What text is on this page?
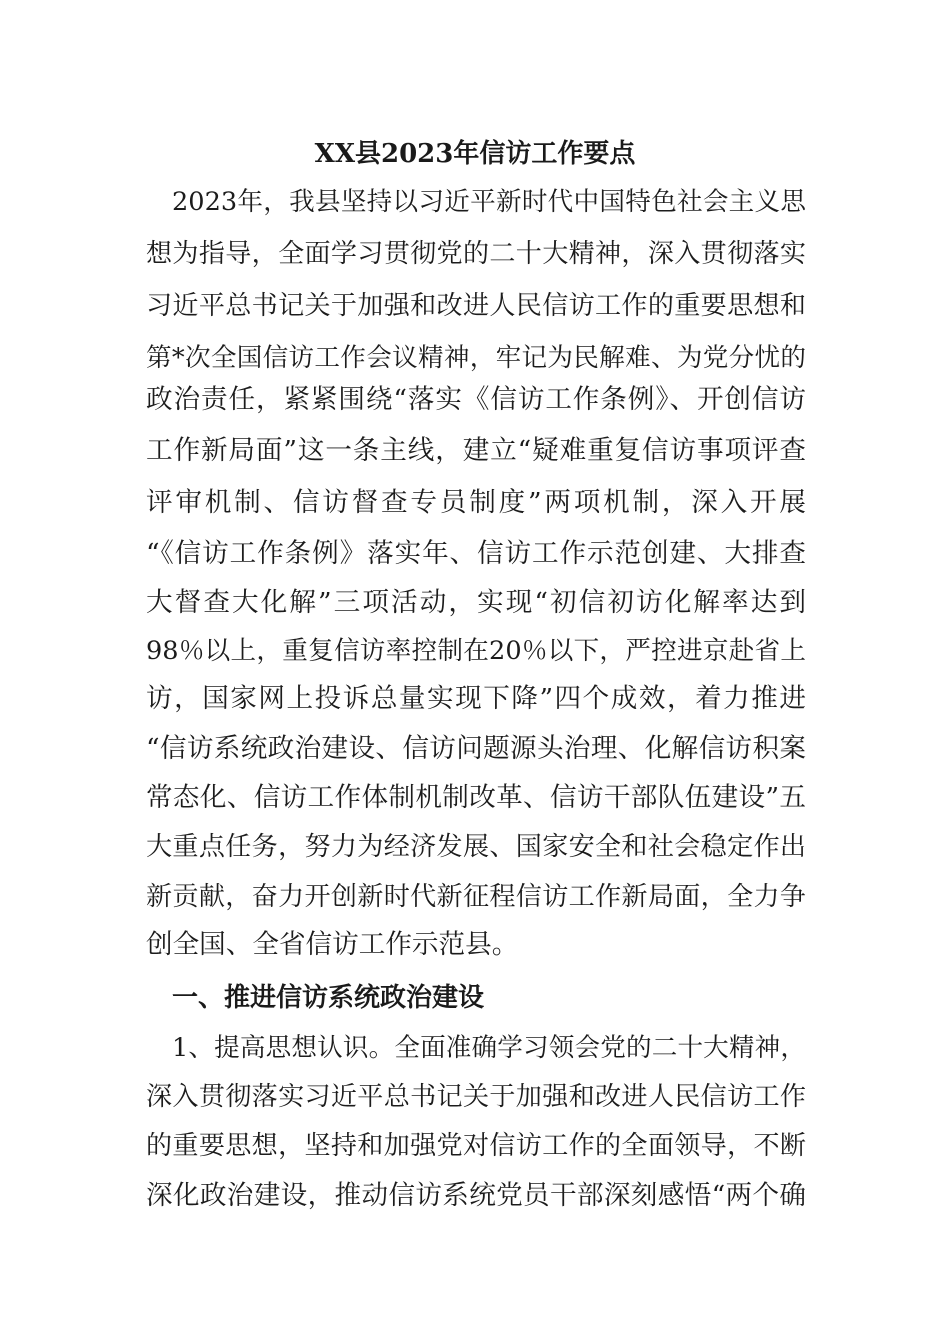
XX县2023年信访工作要点
2023年，我县坚持以习近平新时代中国特色社会主义思
想为指导，全面学习贯彻党的二十大精神，深入贯彻落实
习近平总书记关于加强和改进人民信访工作的重要思想和
第*次全国信访工作会议精神，牢记为民解难、为党分忧的
政治责任，紧紧围绕“落实《信访工作条例》、开创信访
工作新局面”这一条主线，建立“疑难重复信访事项评查
评审机制、信访督查专员制度”两项机制，深入开展
“《信访工作条例》落实年、信访工作示范创建、大排查
大督查大化解”三项活动，实现“初信初访化解率达到
98％以上，重复信访率控制在20％以下，严控进京赴省上
访，国家网上投诉总量实现下降”四个成效，着力推进
“信访系统政治建设、信访问题源头治理、化解信访积案
常态化、信访工作体制机制改革、信访干部队伍建设”五
大重点任务，努力为经济发展、国家安全和社会稳定作出
新贡献，奋力开创新时代新征程信访工作新局面，全力争
创全国、全省信访工作示范县。
一、推进信访系统政治建设
1、提高思想认识。全面准确学习领会党的二十大精神，
深入贯彻落实习近平总书记关于加强和改进人民信访工作
的重要思想，坚持和加强党对信访工作的全面领导，不断
深化政治建设，推动信访系统党员干部深刻感悟“两个确
